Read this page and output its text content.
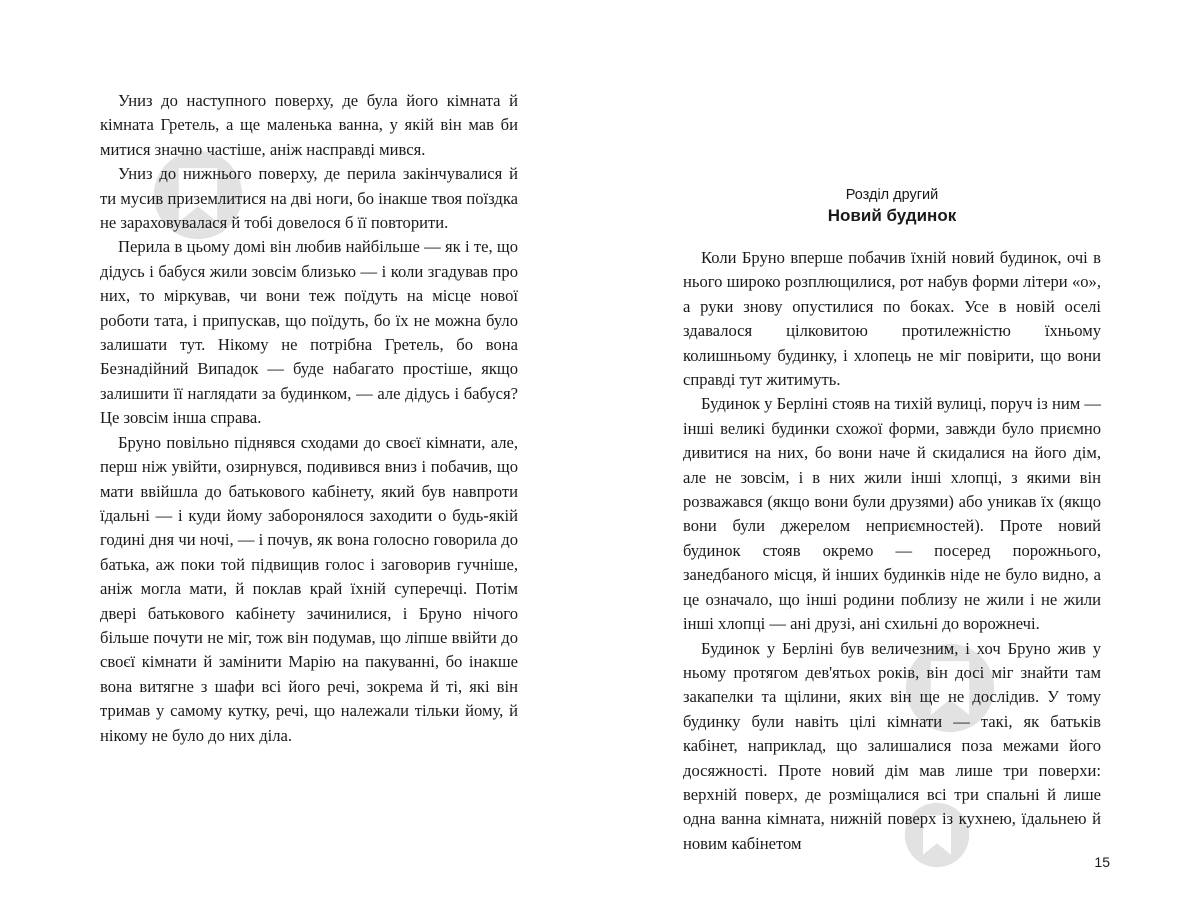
Униз до наступного поверху, де була його кімната й кімната Гретель, а ще маленька ванна, у якій він мав би митися значно частіше, аніж насправді мився.

Униз до нижнього поверху, де перила закінчувалися й ти мусив приземлитися на дві ноги, бо інакше твоя поїздка не зараховувалася й тобі довелося б її повторити.

Перила в цьому домі він любив найбільше — як і те, що дідусь і бабуся жили зовсім близько — і коли згадував про них, то міркував, чи вони теж поїдуть на місце нової роботи тата, і припускав, що поїдуть, бо їх не можна було залишати тут. Нікому не потрібна Гретель, бо вона Безнадійний Випадок — буде набагато простіше, якщо залишити її наглядати за будинком, — але дідусь і бабуся? Це зовсім інша справа.

Бруно повільно піднявся сходами до своєї кімнати, але, перш ніж увійти, озирнувся, подивився вниз і побачив, що мати ввійшла до батькового кабінету, який був навпроти їдальні — і куди йому заборонялося заходити о будь-якій годині дня чи ночі, — і почув, як вона голосно говорила до батька, аж поки той підвищив голос і заговорив гучніше, аніж могла мати, й поклав край їхній суперечці. Потім двері батькового кабінету зачинилися, і Бруно нічого більше почути не міг, тож він подумав, що ліпше ввійти до своєї кімнати й замінити Марію на пакуванні, бо інакше вона витягне з шафи всі його речі, зокрема й ті, які він тримав у самому кутку, речі, що належали тільки йому, й нікому не було до них діла.

Розділ другий
Новий будинок

Коли Бруно вперше побачив їхній новий будинок, очі в нього широко розплющилися, рот набув форми літери «о», а руки знову опустилися по боках. Усе в новій оселі здавалося цілковитою протилежністю їхньому колишньому будинку, і хлопець не міг повірити, що вони справді тут житимуть.

Будинок у Берліні стояв на тихій вулиці, поруч із ним — інші великі будинки схожої форми, завжди було приємно дивитися на них, бо вони наче й скидалися на його дім, але не зовсім, і в них жили інші хлопці, з якими він розважався (якщо вони були друзями) або уникав їх (якщо вони були джерелом неприємностей). Проте новий будинок стояв окремо — посеред порожнього, занедбаного місця, й інших будинків ніде не було видно, а це означало, що інші родини поблизу не жили і не жили інші хлопці — ані друзі, ані схильні до ворожнечі.

Будинок у Берліні був величезним, і хоч Бруно жив у ньому протягом дев'ятьох років, він досі міг знайти там закапелки та щілини, яких він ще не дослідив. У тому будинку були навіть цілі кімнати — такі, як батьків кабінет, наприклад, що залишалися поза межами його досяжності. Проте новий дім мав лише три поверхи: верхній поверх, де розміщалися всі три спальні й лише одна ванна кімната, нижній поверх із кухнею, їдальнею й новим кабінетом

15
